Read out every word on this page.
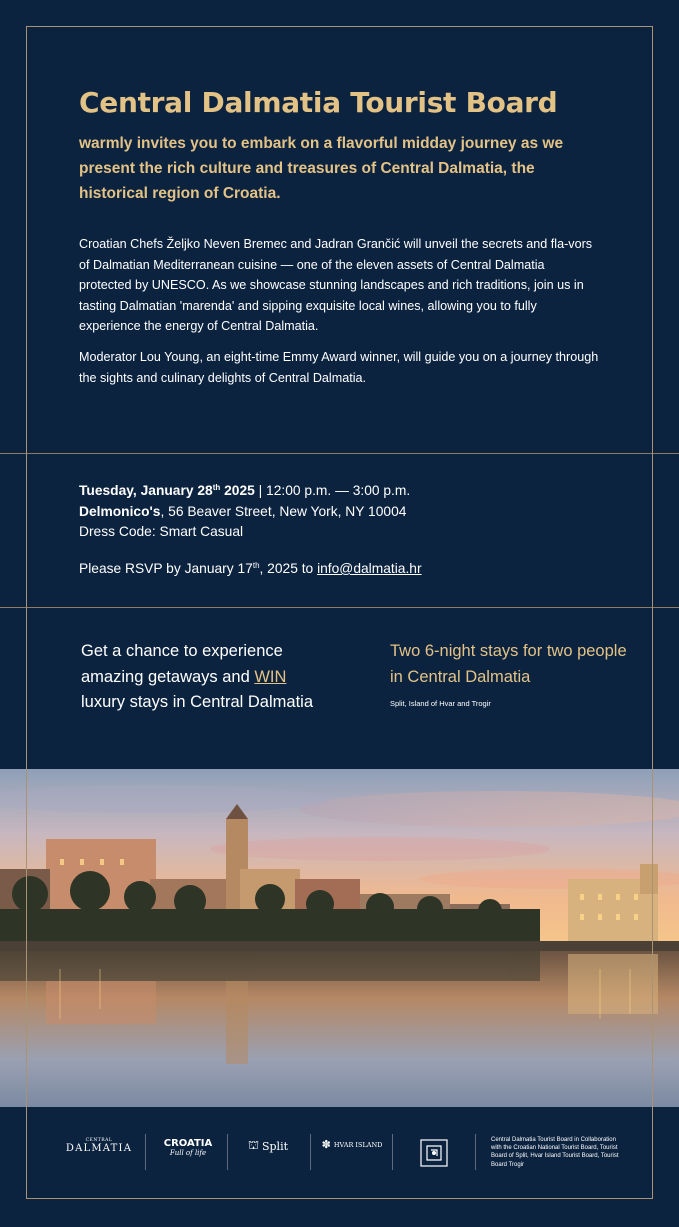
Central Dalmatia Tourist Board

warmly invites you to embark on a flavorful midday journey as we present the rich culture and treasures of Central Dalmatia, the historical region of Croatia.

Croatian Chefs Željko Neven Bremec and Jadran Grančić will unveil the secrets and fla-vors of Dalmatian Mediterranean cuisine — one of the eleven assets of Central Dalmatia protected by UNESCO. As we showcase stunning landscapes and rich traditions, join us in tasting Dalmatian 'marenda' and sipping exquisite local wines, allowing you to fully experience the energy of Central Dalmatia.

Moderator Lou Young, an eight-time Emmy Award winner, will guide you on a journey through the sights and culinary delights of Central Dalmatia.

Tuesday, January 28th 2025 | 12:00 p.m. — 3:00 p.m.
Delmonico's, 56 Beaver Street, New York, NY 10004
Dress Code: Smart Casual
Please RSVP by January 17th, 2025 to info@dalmatia.hr

Get a chance to experience
amazing getaways and WIN
luxury stays in Central Dalmatia

Two 6-night stays for two people in Central Dalmatia

Split, Island of Hvar and Trogir
CENTRAL
DALMATIA	CROATIA
Full of life
⛫ Split	✽ HVAR ISLAND
Central Dalmatia Tourist Board in Collaboration with the Croatian National Tourist Board, Tourist Board of Split, Hvar Island Tourist Board, Tourist Board Trogir
